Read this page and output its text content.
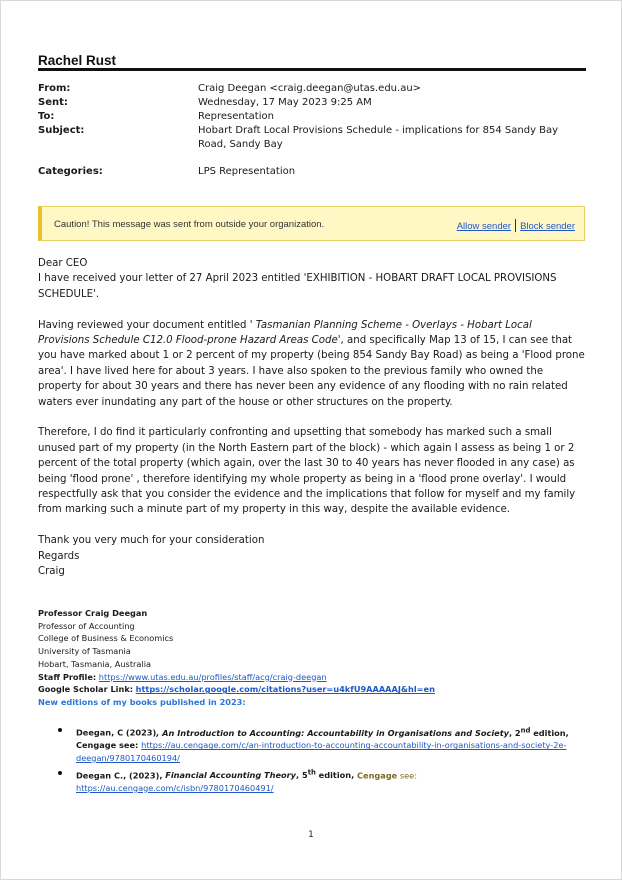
Rachel Rust
From:	Craig Deegan <craig.deegan@utas.edu.au>
Sent:	Wednesday, 17 May 2023 9:25 AM
To:	Representation
Subject:	Hobart Draft Local Provisions Schedule - implications for 854 Sandy Bay Road, Sandy Bay
Categories:	LPS Representation
Caution! This message was sent from outside your organization.	Allow sender Block sender

Dear CEO

I have received your letter of 27 April 2023 entitled 'EXHIBITION - HOBART DRAFT LOCAL PROVISIONS SCHEDULE'.

Having reviewed your document entitled ' Tasmanian Planning Scheme - Overlays - Hobart Local Provisions Schedule C12.0 Flood-prone Hazard Areas Code', and specifically Map 13 of 15, I can see that you have marked about 1 or 2 percent of my property (being 854 Sandy Bay Road) as being a 'Flood prone area'. I have lived here for about 3 years. I have also spoken to the previous family who owned the property for about 30 years and there has never been any evidence of any flooding with no rain related waters ever inundating any part of the house or other structures on the property.

Therefore, I do find it particularly confronting and upsetting that somebody has marked such a small unused part of my property (in the North Eastern part of the block) - which again I assess as being 1 or 2 percent of the total property (which again, over the last 30 to 40 years has never flooded in any case) as being 'flood prone' , therefore identifying my whole property as being in a 'flood prone overlay'. I would respectfully ask that you consider the evidence and the implications that follow for myself and my family from marking such a minute part of my property in this way, despite the available evidence.

Thank you very much for your consideration

Regards

Craig

Professor Craig Deegan
Professor of Accounting
College of Business & Economics
University of Tasmania
Hobart, Tasmania, Australia
Staff Profile: https://www.utas.edu.au/profiles/staff/acg/craig-deegan
Google Scholar Link: https://scholar.google.com/citations?user=u4kfU9AAAAAJ&hl=en
New editions of my books published in 2023:
Deegan, C (2023), An Introduction to Accounting: Accountability in Organisations and Society, 2nd edition, Cengage see: https://au.cengage.com/c/an-introduction-to-accounting-accountability-in-organisations-and-society-2e-deegan/9780170460194/
Deegan C., (2023), Financial Accounting Theory, 5th edition, Cengage see:
https://au.cengage.com/c/isbn/9780170460491/
1
